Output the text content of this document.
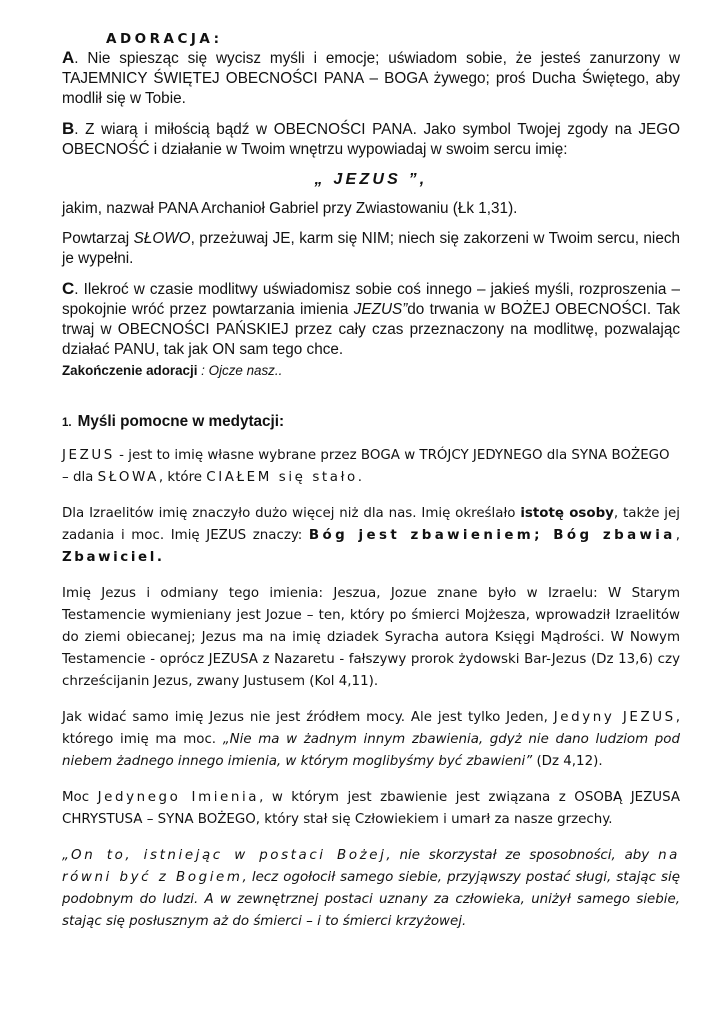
ADORACJA:

A. Nie spiesząc się wycisz myśli i emocje; uświadom sobie, że jesteś zanurzony w TAJEMNICY ŚWIĘTEJ OBECNOŚCI PANA – BOGA żywego; proś Ducha Świętego, aby modlił się w Tobie.

B. Z wiarą i miłością bądź w OBECNOŚCI PANA. Jako symbol Twojej zgody na JEGO OBECNOŚĆ i działanie w Twoim wnętrzu wypowiadaj w swoim sercu imię:

„ JEZUS ”,

jakim, nazwał PANA Archanioł Gabriel przy Zwiastowaniu (Łk 1,31).

Powtarzaj SŁOWO, przeżuwaj JE, karm się NIM; niech się zakorzeni w Twoim sercu, niech je wypełni.

C. Ilekroć w czasie modlitwy uświadomisz sobie coś innego – jakieś myśli, rozproszenia – spokojnie wróć przez powtarzania imienia JEZUS”do trwania w BOŻEJ OBECNOŚCI. Tak trwaj w OBECNOŚCI PAŃSKIEJ przez cały czas przeznaczony na modlitwę, pozwalając działać PANU, tak jak ON sam tego chce.

Zakończenie adoracji : Ojcze nasz..

1. Myśli pomocne w medytacji:

JEZUS - jest to imię własne wybrane przez BOGA w TRÓJCY JEDYNEGO dla SYNA BOŻEGO – dla SŁOWA, które CIAŁEM się stało.

Dla Izraelitów imię znaczyło dużo więcej niż dla nas. Imię określało istotę osoby, także jej zadania i moc. Imię JEZUS znaczy: Bóg jest zbawieniem; Bóg zbawia, Zbawiciel.

Imię Jezus i odmiany tego imienia: Jeszua, Jozue znane było w Izraelu: W Starym Testamencie wymieniany jest Jozue – ten, który po śmierci Mojżesza, wprowadził Izraelitów do ziemi obiecanej; Jezus ma na imię dziadek Syracha autora Księgi Mądrości. W Nowym Testamencie - oprócz JEZUSA z Nazaretu - fałszywy prorok żydowski Bar-Jezus (Dz 13,6) czy chrześcijanin Jezus, zwany Justusem (Kol 4,11).

Jak widać samo imię Jezus nie jest źródłem mocy. Ale jest tylko Jeden, Jedyny JEZUS, którego imię ma moc. „Nie ma w żadnym innym zbawienia, gdyż nie dano ludziom pod niebem żadnego innego imienia, w którym moglibyśmy być zbawieni” (Dz 4,12).

Moc Jedynego Imienia, w którym jest zbawienie jest związana z OSOBĄ JEZUSA CHRYSTUSA – SYNA BOŻEGO, który stał się Człowiekiem i umarł za nasze grzechy.

„On to, istniejąc w postaci Bożej, nie skorzystał ze sposobności, aby na równi być z Bogiem, lecz ogołocił samego siebie, przyjąwszy postać sługi, stając się podobnym do ludzi. A w zewnętrznej postaci uznany za człowieka, uniżył samego siebie, stając się posłusznym aż do śmierci – i to śmierci krzyżowej.
